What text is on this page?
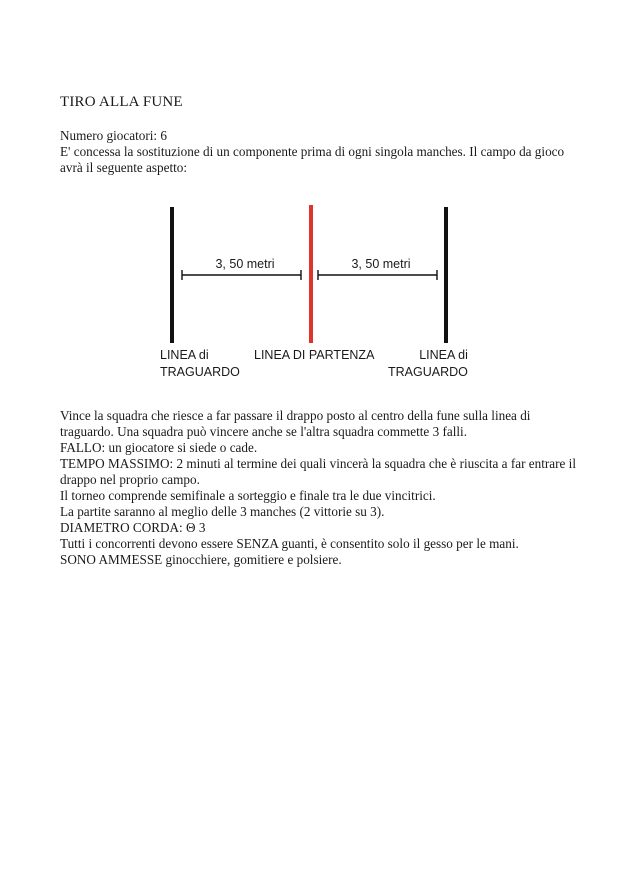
TIRO ALLA FUNE

Numero giocatori: 6

E' concessa la sostituzione di un componente prima di ogni singola manches. Il campo da gioco avrà il seguente aspetto:

3, 50 metri	3, 50 metri
LINEA di
TRAGUARDO
LINEA DI PARTENZA	LINEA di
TRAGUARDO

Vince la squadra che riesce a far passare il drappo posto al centro della fune sulla linea di traguardo. Una squadra può vincere anche se l'altra squadra commette 3 falli.

FALLO: un giocatore si siede o cade.

TEMPO MASSIMO: 2 minuti al termine dei quali vincerà la squadra che è riuscita a far entrare il drappo nel proprio campo.

Il torneo comprende semifinale a sorteggio e finale tra le due vincitrici.

La partite saranno al meglio delle 3 manches (2 vittorie su 3).

DIAMETRO CORDA: Θ 3

Tutti i concorrenti devono essere SENZA guanti, è consentito solo il gesso per le mani.

SONO AMMESSE ginocchiere, gomitiere e polsiere.
